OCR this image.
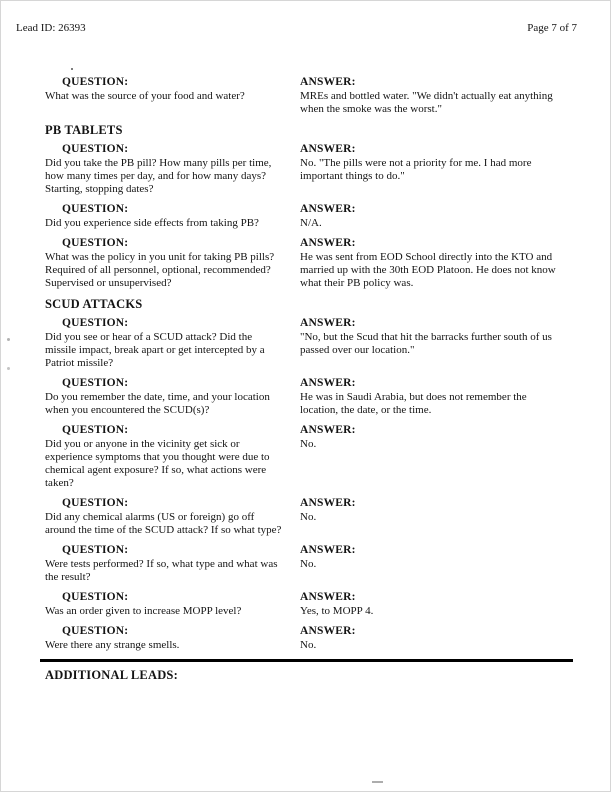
Lead ID: 26393	Page 7 of 7
QUESTION:
What was the source of your food and water?
ANSWER:
MREs and bottled water. "We didn't actually eat anything when the smoke was the worst."
PB TABLETS
QUESTION:
Did you take the PB pill? How many pills per time, how many times per day, and for how many days? Starting, stopping dates?
ANSWER:
No. "The pills were not a priority for me. I had more important things to do."
QUESTION:
Did you experience side effects from taking PB?
ANSWER:
N/A.
QUESTION:
What was the policy in you unit for taking PB pills? Required of all personnel, optional, recommended? Supervised or unsupervised?
ANSWER:
He was sent from EOD School directly into the KTO and married up with the 30th EOD Platoon. He does not know what their PB policy was.
SCUD ATTACKS
QUESTION:
Did you see or hear of a SCUD attack? Did the missile impact, break apart or get intercepted by a Patriot missile?
ANSWER:
"No, but the Scud that hit the barracks further south of us passed over our location."
QUESTION:
Do you remember the date, time, and your location when you encountered the SCUD(s)?
ANSWER:
He was in Saudi Arabia, but does not remember the location, the date, or the time.
QUESTION:
Did you or anyone in the vicinity get sick or experience symptoms that you thought were due to chemical agent exposure? If so, what actions were taken?
ANSWER:
No.
QUESTION:
Did any chemical alarms (US or foreign) go off around the time of the SCUD attack? If so what type?
ANSWER:
No.
QUESTION:
Were tests performed? If so, what type and what was the result?
ANSWER:
No.
QUESTION:
Was an order given to increase MOPP level?
ANSWER:
Yes, to MOPP 4.
QUESTION:
Were there any strange smells.
ANSWER:
No.
ADDITIONAL LEADS:
